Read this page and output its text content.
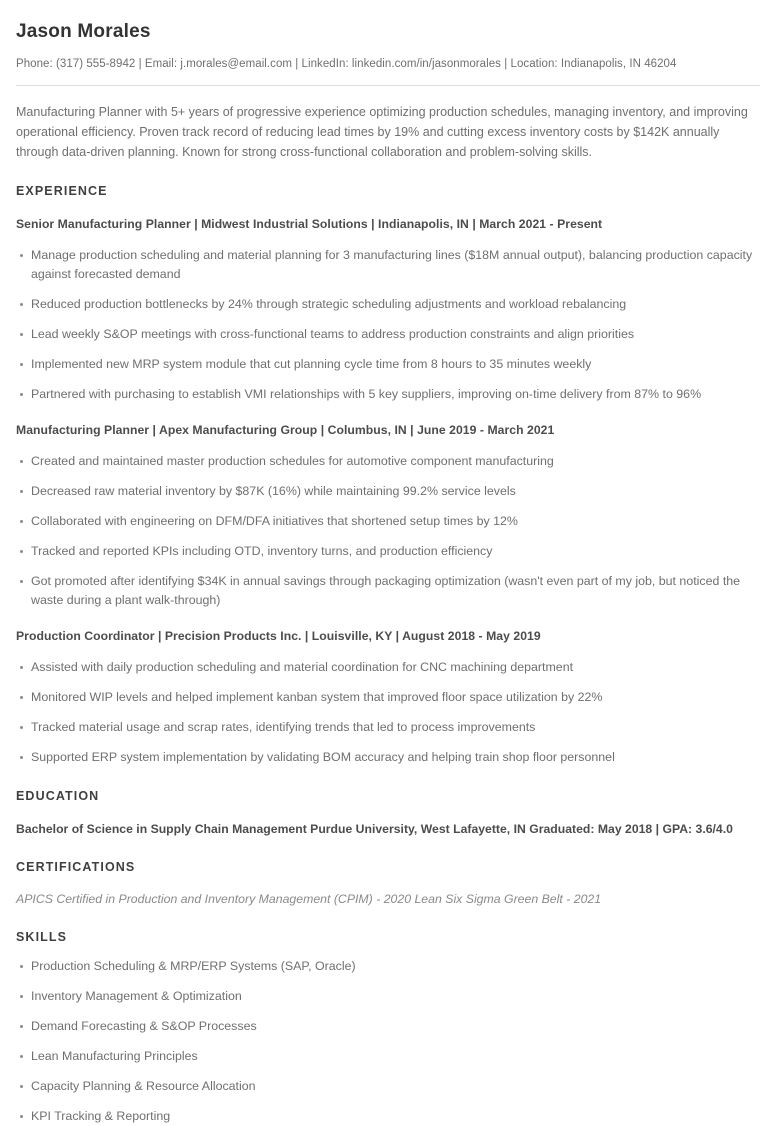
Jason Morales
Phone: (317) 555-8942 | Email: j.morales@email.com | LinkedIn: linkedin.com/in/jasonmorales | Location: Indianapolis, IN 46204

Manufacturing Planner with 5+ years of progressive experience optimizing production schedules, managing inventory, and improving operational efficiency. Proven track record of reducing lead times by 19% and cutting excess inventory costs by $142K annually through data-driven planning. Known for strong cross-functional collaboration and problem-solving skills.

EXPERIENCE
Senior Manufacturing Planner | Midwest Industrial Solutions | Indianapolis, IN | March 2021 - Present
Manage production scheduling and material planning for 3 manufacturing lines ($18M annual output), balancing production capacity against forecasted demand
Reduced production bottlenecks by 24% through strategic scheduling adjustments and workload rebalancing
Lead weekly S&OP meetings with cross-functional teams to address production constraints and align priorities
Implemented new MRP system module that cut planning cycle time from 8 hours to 35 minutes weekly
Partnered with purchasing to establish VMI relationships with 5 key suppliers, improving on-time delivery from 87% to 96%
Manufacturing Planner | Apex Manufacturing Group | Columbus, IN | June 2019 - March 2021
Created and maintained master production schedules for automotive component manufacturing
Decreased raw material inventory by $87K (16%) while maintaining 99.2% service levels
Collaborated with engineering on DFM/DFA initiatives that shortened setup times by 12%
Tracked and reported KPIs including OTD, inventory turns, and production efficiency
Got promoted after identifying $34K in annual savings through packaging optimization (wasn't even part of my job, but noticed the waste during a plant walk-through)
Production Coordinator | Precision Products Inc. | Louisville, KY | August 2018 - May 2019
Assisted with daily production scheduling and material coordination for CNC machining department
Monitored WIP levels and helped implement kanban system that improved floor space utilization by 22%
Tracked material usage and scrap rates, identifying trends that led to process improvements
Supported ERP system implementation by validating BOM accuracy and helping train shop floor personnel
EDUCATION
Bachelor of Science in Supply Chain Management Purdue University, West Lafayette, IN Graduated: May 2018 | GPA: 3.6/4.0
CERTIFICATIONS
APICS Certified in Production and Inventory Management (CPIM) - 2020 Lean Six Sigma Green Belt - 2021
SKILLS
Production Scheduling & MRP/ERP Systems (SAP, Oracle)
Inventory Management & Optimization
Demand Forecasting & S&OP Processes
Lean Manufacturing Principles
Capacity Planning & Resource Allocation
KPI Tracking & Reporting
